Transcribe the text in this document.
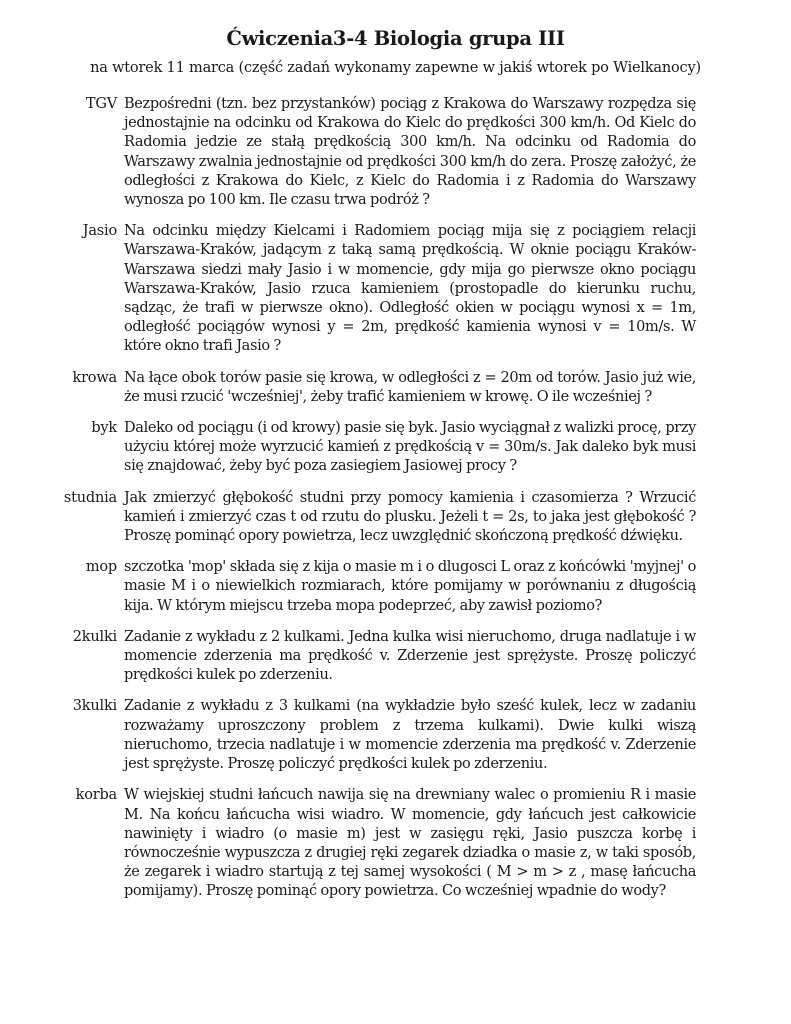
Ćwiczenia3-4 Biologia grupa III
na wtorek 11 marca (część zadań wykonamy zapewne w jakiś wtorek po Wielkanocy)
TGV Bezpośredni (tzn. bez przystanków) pociąg z Krakowa do Warszawy rozpędza się jednostajnie na odcinku od Krakowa do Kielc do prędkości 300 km/h. Od Kielc do Radomia jedzie ze stałą prędkością 300 km/h. Na odcinku od Radomia do Warszawy zwalnia jednostajnie od prędkości 300 km/h do zera. Proszę założyć, że odległości z Krakowa do Kielc, z Kielc do Radomia i z Radomia do Warszawy wynosza po 100 km. Ile czasu trwa podróż ?
Jasio Na odcinku między Kielcami i Radomiem pociąg mija się z pociągiem relacji Warszawa-Kraków, jadącym z taką samą prędkością. W oknie pociągu Kraków-Warszawa siedzi mały Jasio i w momencie, gdy mija go pierwsze okno pociągu Warszawa-Kraków, Jasio rzuca kamieniem (prostopadle do kierunku ruchu, sądząc, że trafi w pierwsze okno). Odległość okien w pociągu wynosi x = 1m, odległość pociągów wynosi y = 2m, prędkość kamienia wynosi v = 10m/s. W które okno trafi Jasio ?
krowa Na łące obok torów pasie się krowa, w odległości z = 20m od torów. Jasio już wie, że musi rzucić 'wcześniej', żeby trafić kamieniem w krowę. O ile wcześniej ?
byk Daleko od pociągu (i od krowy) pasie się byk. Jasio wyciągnał z walizki procę, przy użyciu której może wyrzucić kamień z prędkością v = 30m/s. Jak daleko byk musi się znajdować, żeby być poza zasiegiem Jasiowej procy ?
studnia Jak zmierzyć głębokość studni przy pomocy kamienia i czasomierza ? Wrzucić kamień i zmierzyć czas t od rzutu do plusku. Jeżeli t = 2s, to jaka jest głębokość ? Proszę pominąć opory powietrza, lecz uwzględnić skończoną prędkość dźwięku.
mop szczotka 'mop' składa się z kija o masie m i o dlugosci L oraz z końcówki 'myjnej' o masie M i o niewielkich rozmiarach, które pomijamy w porównaniu z długością kija. W którym miejscu trzeba mopa podeprzeć, aby zawisł poziomo?
2kulki Zadanie z wykładu z 2 kulkami. Jedna kulka wisi nieruchomo, druga nadlatuje i w momencie zderzenia ma prędkość v. Zderzenie jest sprężyste. Proszę policzyć prędkości kulek po zderzeniu.
3kulki Zadanie z wykładu z 3 kulkami (na wykładzie było sześć kulek, lecz w zadaniu rozważamy uproszczony problem z trzema kulkami). Dwie kulki wiszą nieruchomo, trzecia nadlatuje i w momencie zderzenia ma prędkość v. Zderzenie jest sprężyste. Proszę policzyć prędkości kulek po zderzeniu.
korba W wiejskiej studni łańcuch nawija się na drewniany walec o promieniu R i masie M. Na końcu łańcucha wisi wiadro. W momencie, gdy łańcuch jest całkowicie nawinięty i wiadro (o masie m) jest w zasięgu ręki, Jasio puszcza korbę i równocześnie wypuszcza z drugiej ręki zegarek dziadka o masie z, w taki sposób, że zegarek i wiadro startują z tej samej wysokości ( M > m > z , masę łańcucha pomijamy). Proszę pominąć opory powietrza. Co wcześniej wpadnie do wody?
